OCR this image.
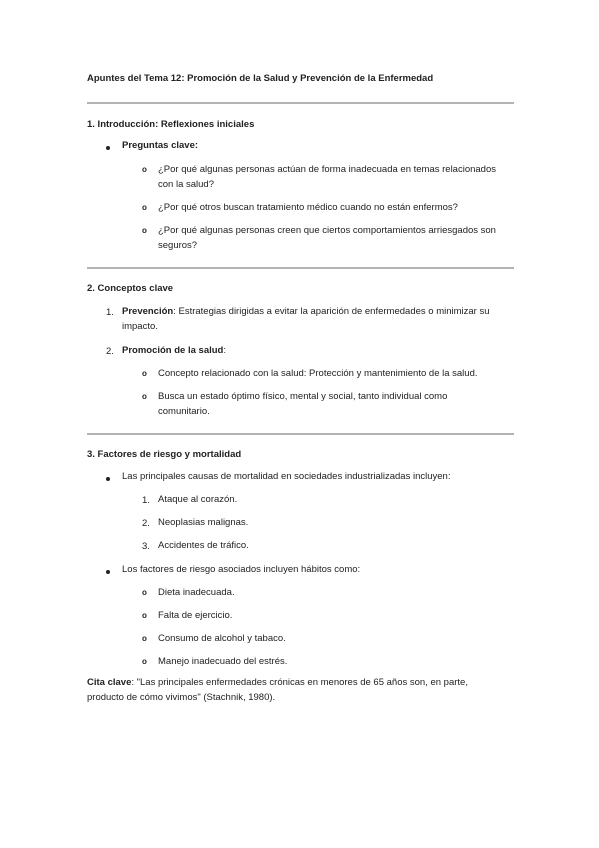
Apuntes del Tema 12: Promoción de la Salud y Prevención de la Enfermedad
1. Introducción: Reflexiones iniciales
Preguntas clave:
o ¿Por qué algunas personas actúan de forma inadecuada en temas relacionados
con la salud?
o ¿Por qué otros buscan tratamiento médico cuando no están enfermos?
o ¿Por qué algunas personas creen que ciertos comportamientos arriesgados son
seguros?
2. Conceptos clave
1. Prevención: Estrategias dirigidas a evitar la aparición de enfermedades o minimizar su
impacto.
2. Promoción de la salud:
o Concepto relacionado con la salud: Protección y mantenimiento de la salud.
o Busca un estado óptimo físico, mental y social, tanto individual como
comunitario.
3. Factores de riesgo y mortalidad
Las principales causas de mortalidad en sociedades industrializadas incluyen:
1. Ataque al corazón.
2. Neoplasias malignas.
3. Accidentes de tráfico.
Los factores de riesgo asociados incluyen hábitos como:
o Dieta inadecuada.
o Falta de ejercicio.
o Consumo de alcohol y tabaco.
o Manejo inadecuado del estrés.
Cita clave: "Las principales enfermedades crónicas en menores de 65 años son, en parte,
producto de cómo vivimos" (Stachnik, 1980).
